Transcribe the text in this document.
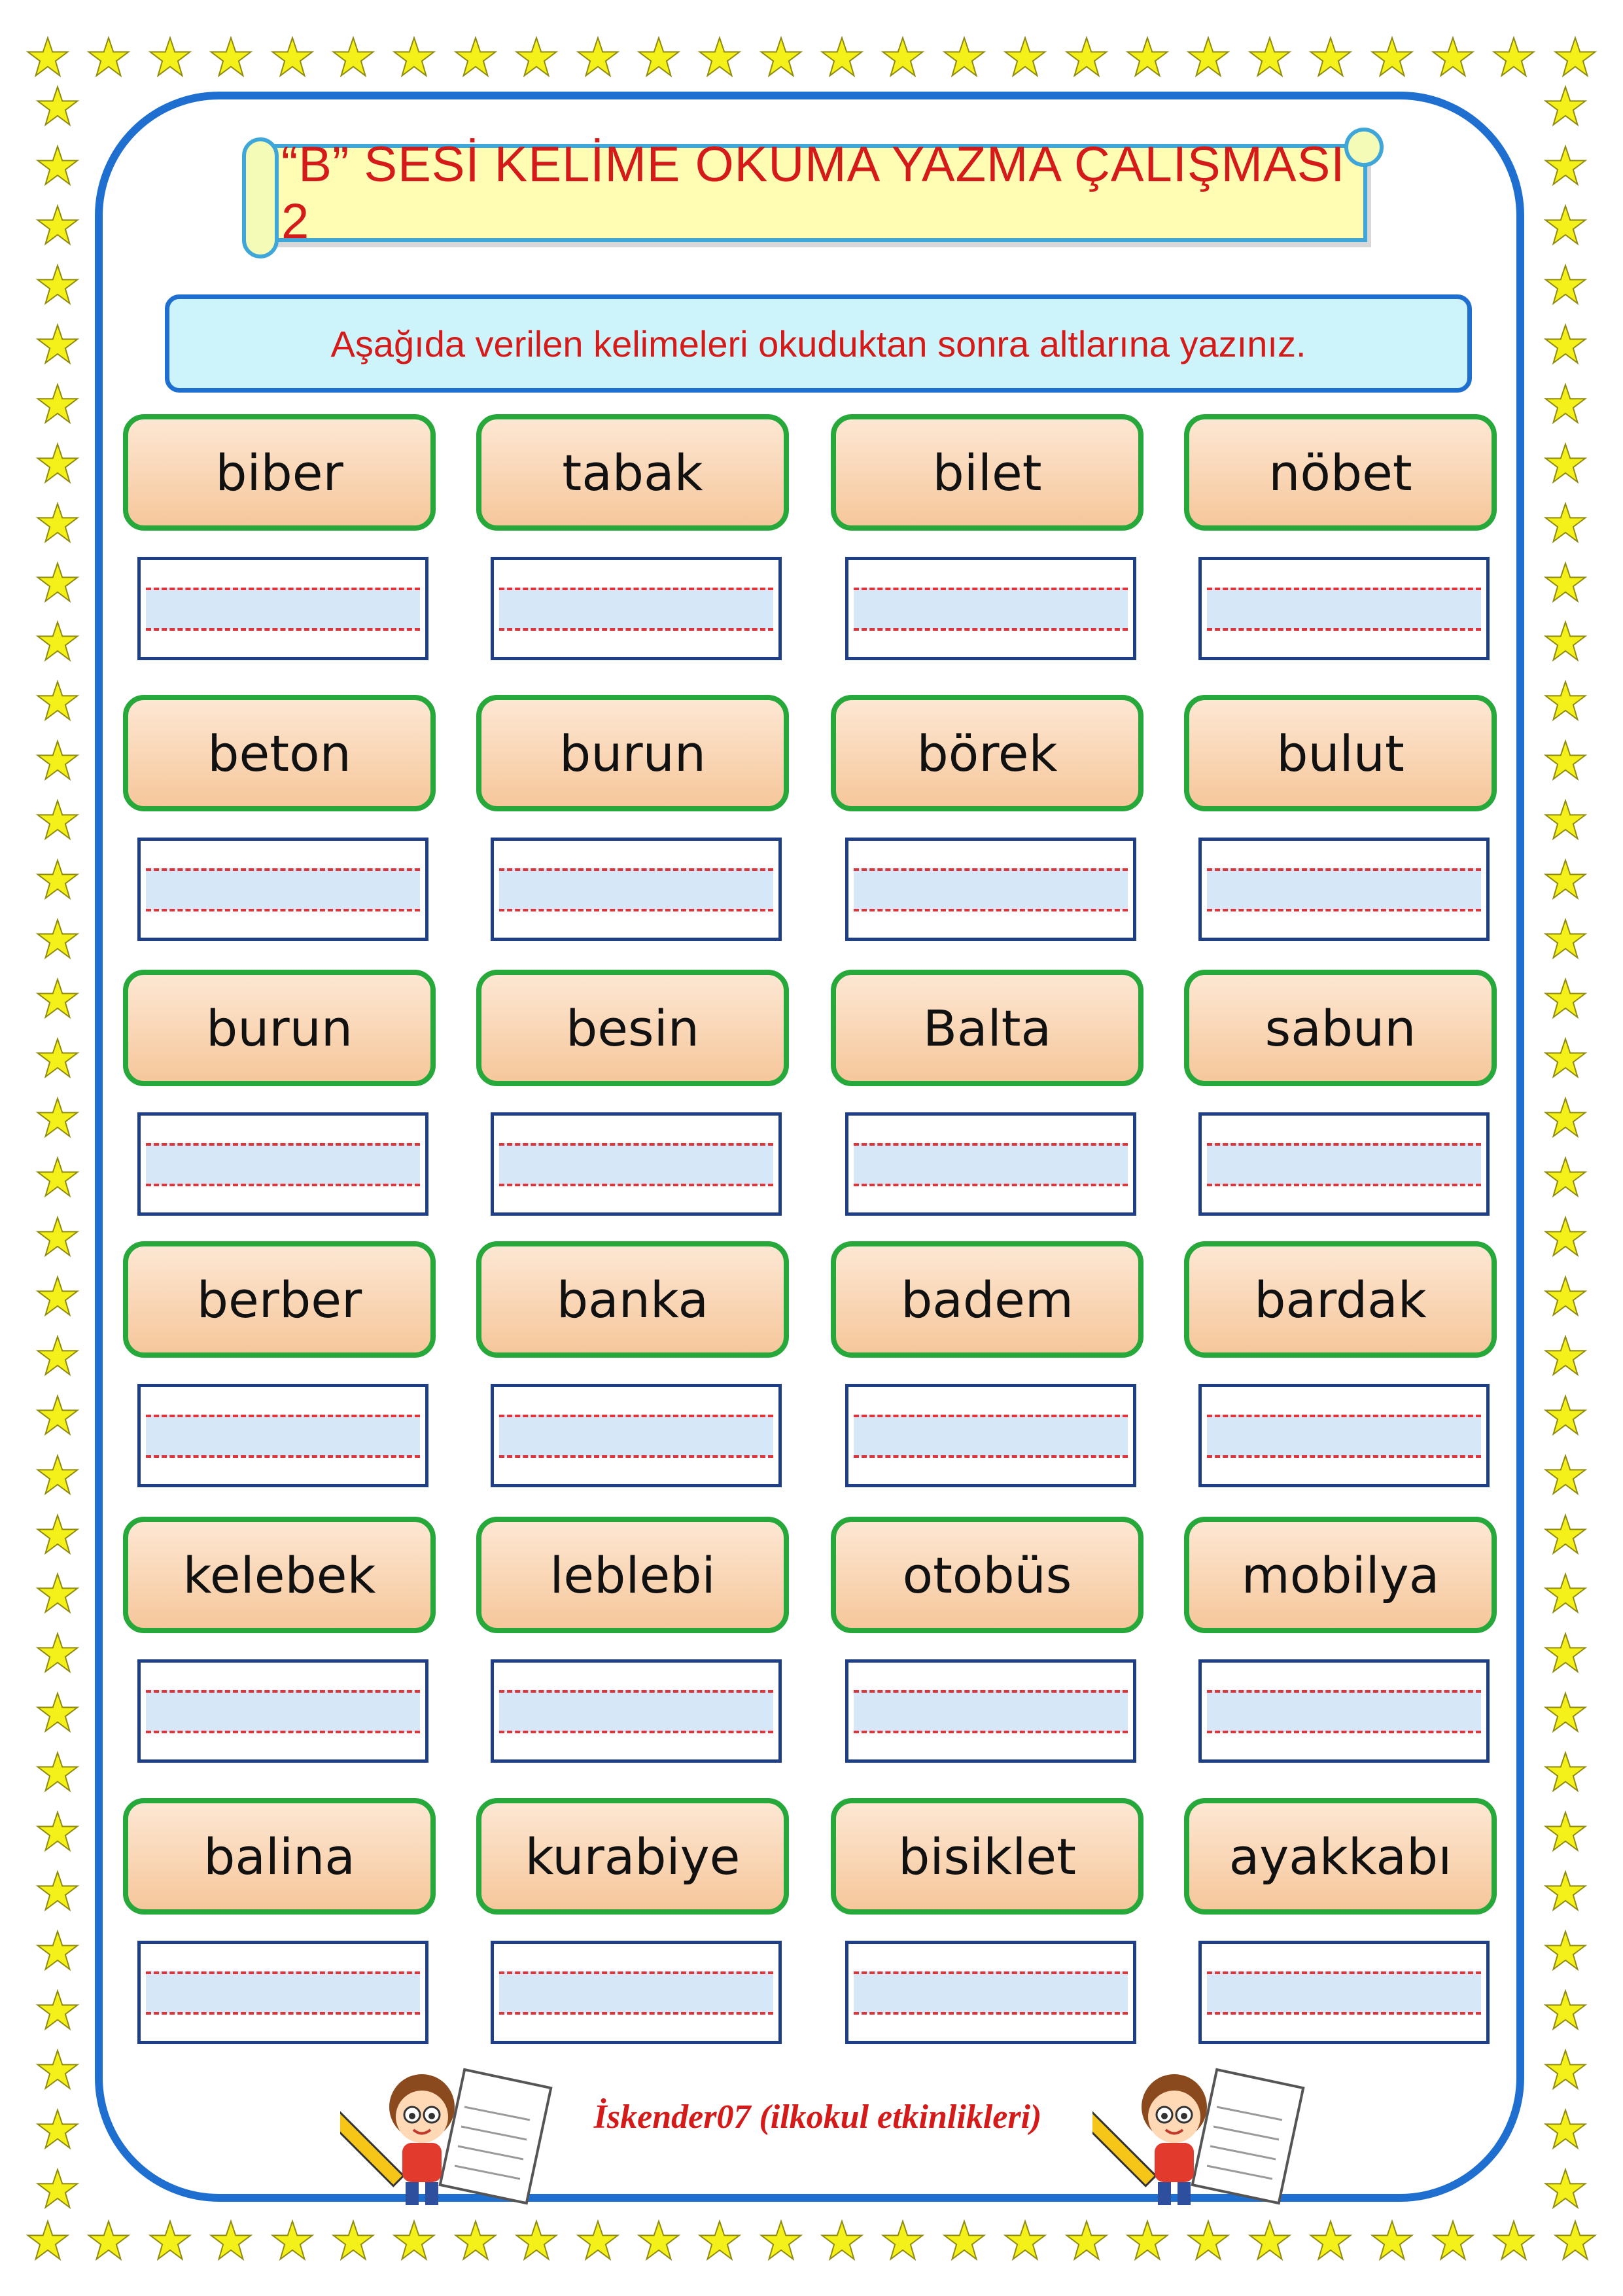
“B” SESİ KELİME OKUMA YAZMA ÇALIŞMASI 2
Aşağıda verilen kelimeleri okuduktan sonra altlarına yazınız.
biber	tabak	bilet	nöbet
beton	burun	börek	bulut
burun	besin	Balta	sabun
berber	banka	badem	bardak
kelebek	leblebi	otobüs	mobilya
balina	kurabiye	bisiklet	ayakkabı
İskender07 (ilkokul etkinlikleri)
